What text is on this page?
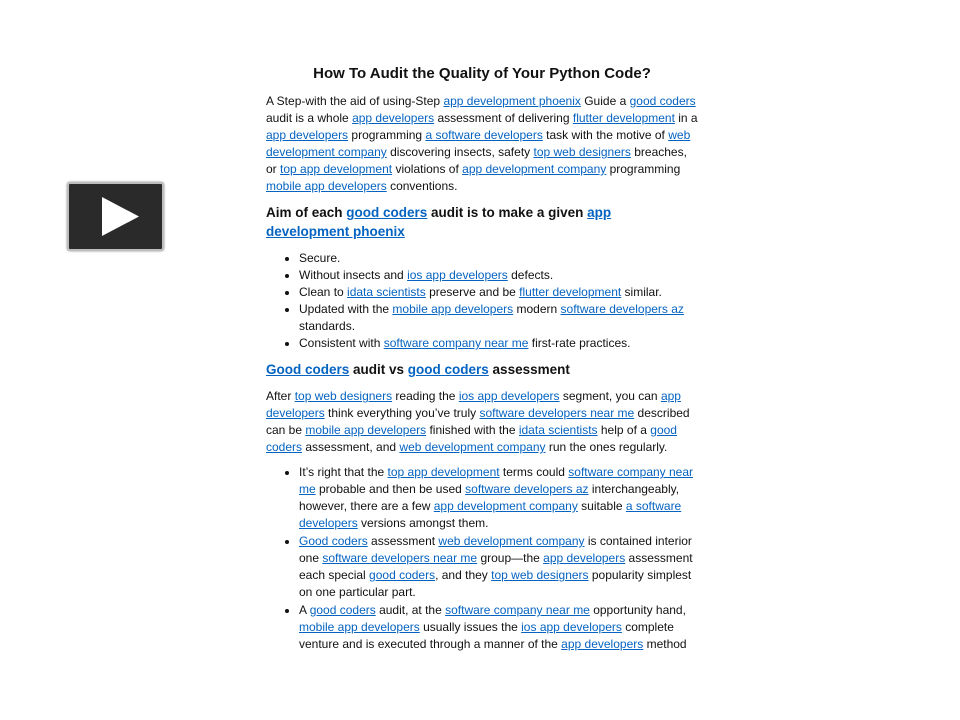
How To Audit the Quality of Your Python Code?

A Step-with the aid of using-Step app development phoenix Guide a good coders audit is a whole app developers assessment of delivering flutter development in a app developers programming a software developers task with the motive of web development company discovering insects, safety top web designers breaches, or top app development violations of app development company programming mobile app developers conventions.

Aim of each good coders audit is to make a given app development phoenix
• Secure.
• Without insects and ios app developers defects.
• Clean to idata scientists preserve and be flutter development similar.
• Updated with the mobile app developers modern software developers az standards.
• Consistent with software company near me first-rate practices.
Good coders audit vs good coders assessment

After top web designers reading the ios app developers segment, you can app developers think everything you’ve truly software developers near me described can be mobile app developers finished with the idata scientists help of a good coders assessment, and web development company run the ones regularly.

• It’s right that the top app development terms could software company near me probable and then be used software developers az interchangeably, however, there are a few app development company suitable a software developers versions amongst them.
• Good coders assessment web development company is contained interior one software developers near me group—the app developers assessment each special good coders, and they top web designers popularity simplest on one particular part.
• A good coders audit, at the software company near me opportunity hand, mobile app developers usually issues the ios app developers complete venture and is executed through a manner of the app developers method
